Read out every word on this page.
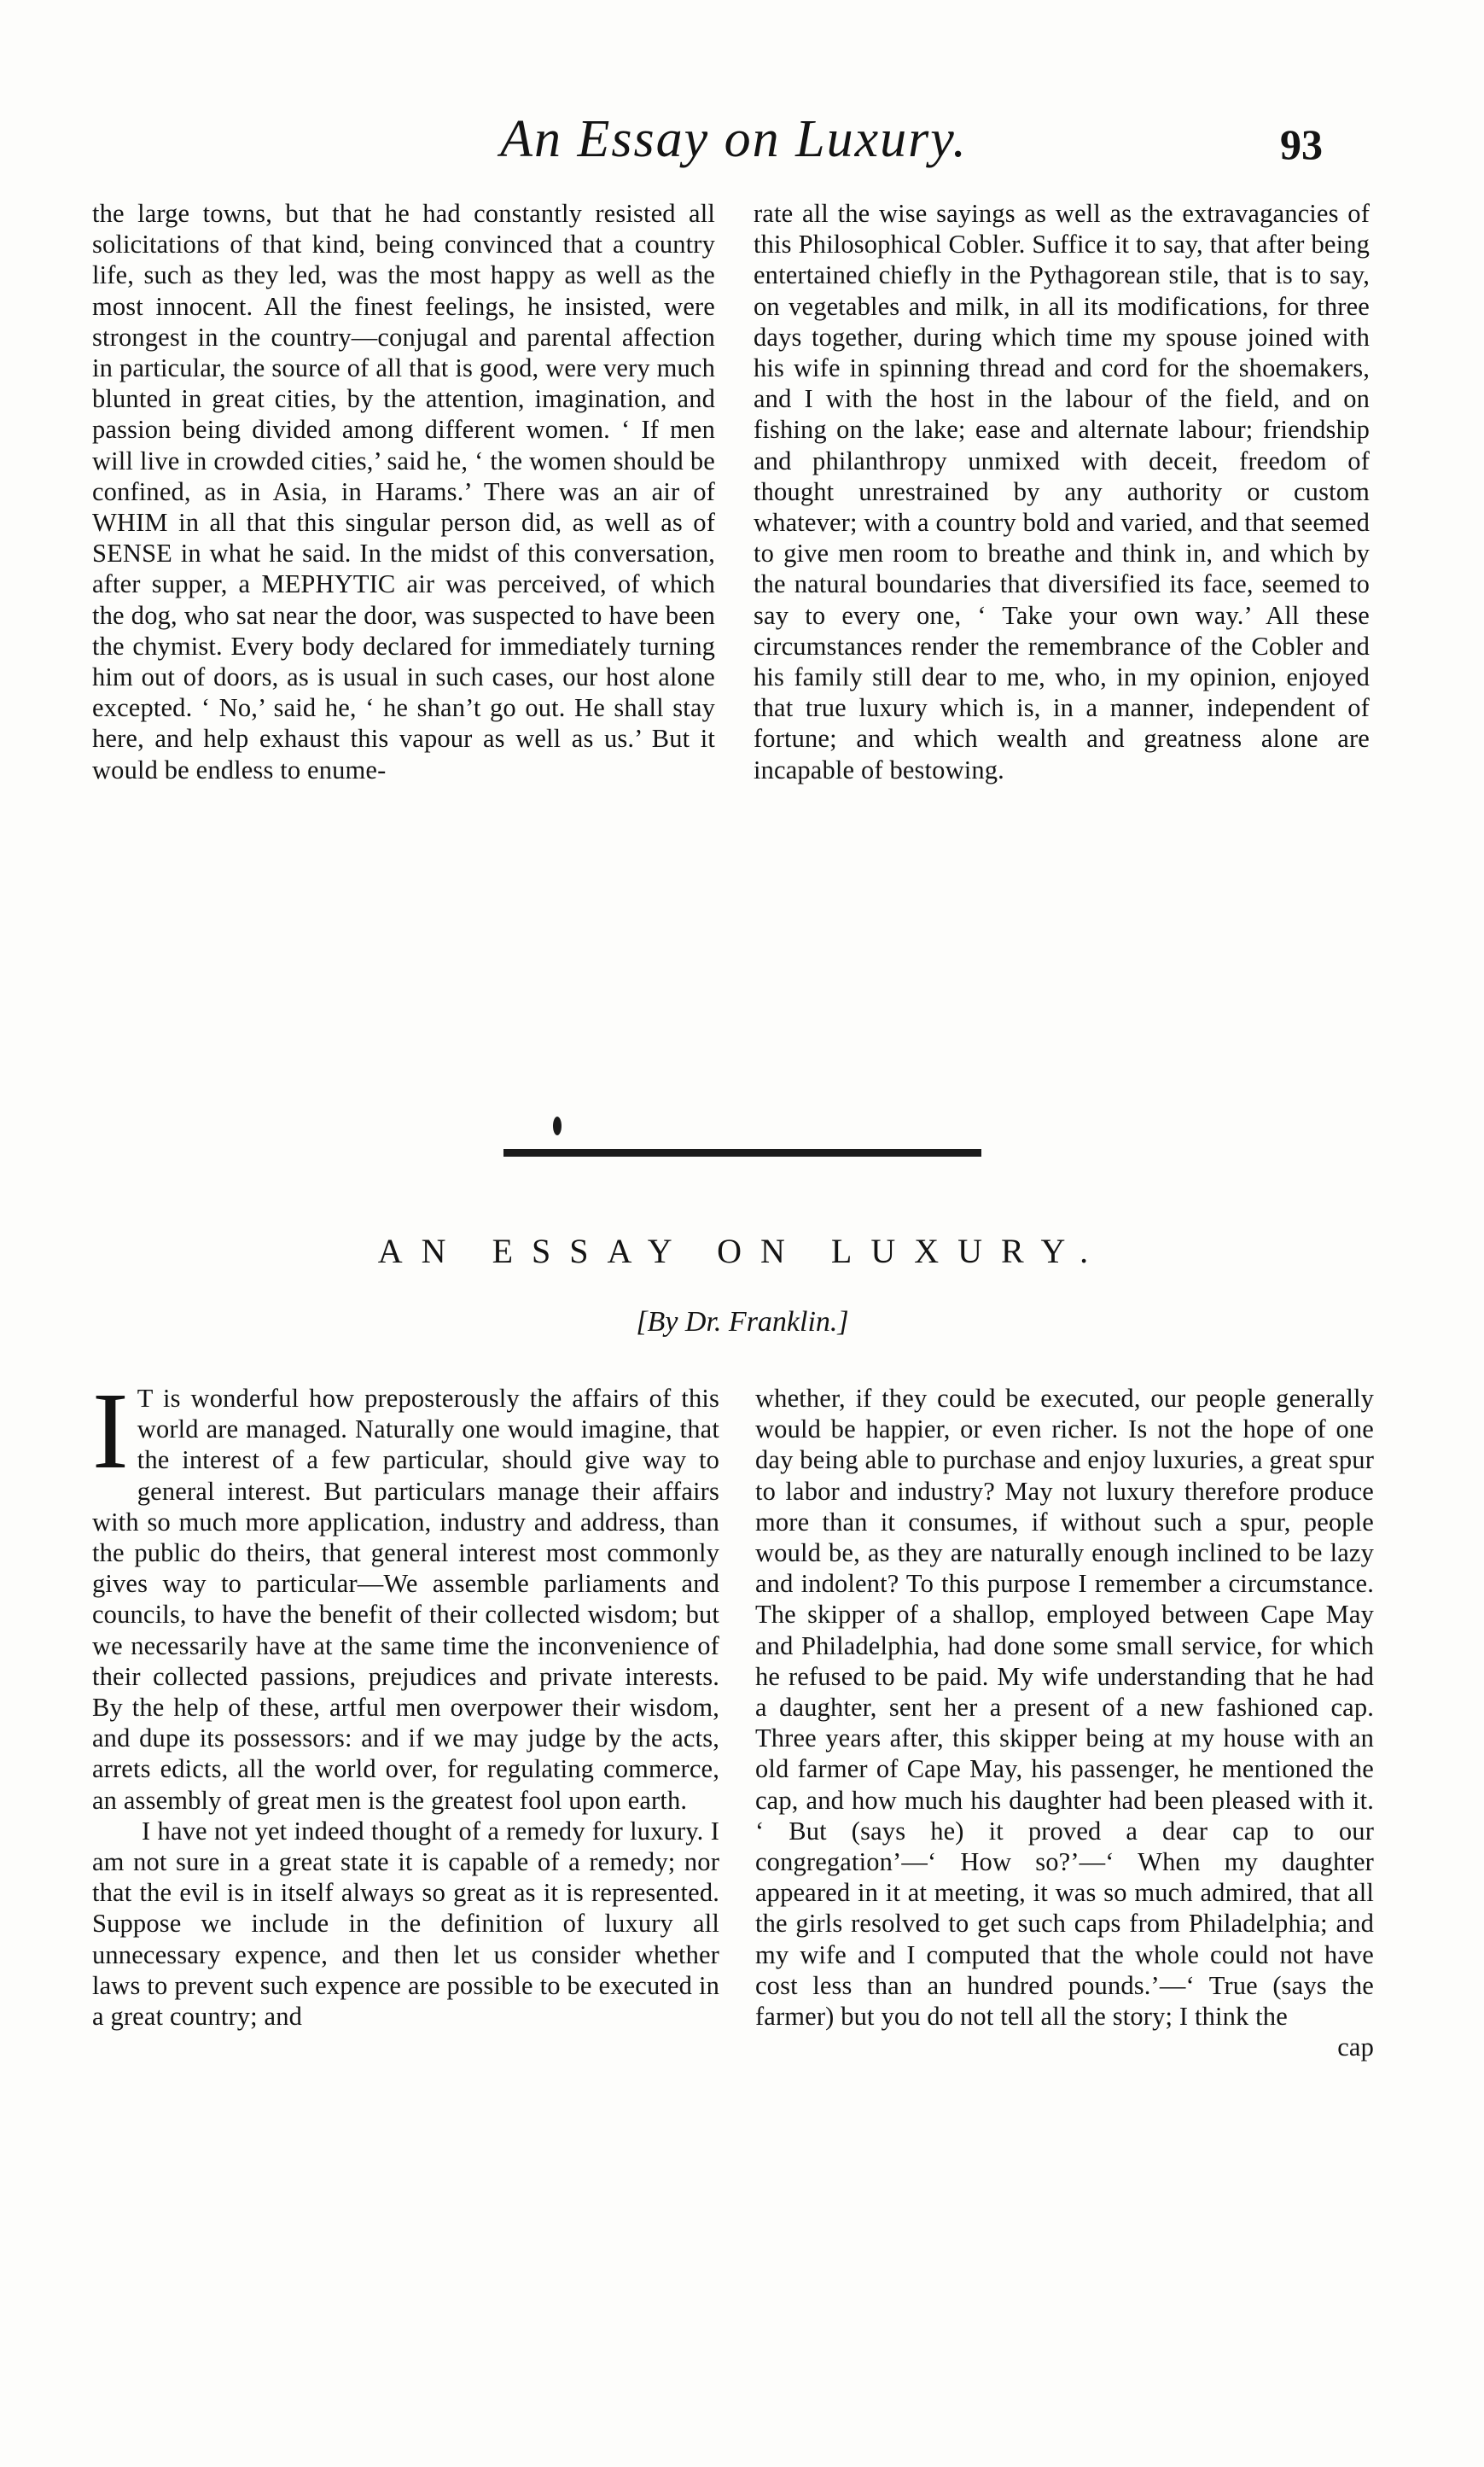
An Essay on Luxury.	93

the large towns, but that he had constantly resisted all solicitations of that kind, being convinced that a country life, such as they led, was the most happy as well as the most innocent. All the finest feelings, he insisted, were strongest in the country—conjugal and parental affection in particular, the source of all that is good, were very much blunted in great cities, by the attention, imagination, and passion being divided among different women. ‘ If men will live in crowded cities,’ said he, ‘ the women should be confined, as in Asia, in Harams.’ There was an air of WHIM in all that this singular person did, as well as of SENSE in what he said. In the midst of this conversation, after supper, a MEPHYTIC air was perceived, of which the dog, who sat near the door, was suspected to have been the chymist. Every body declared for immediately turning him out of doors, as is usual in such cases, our host alone excepted. ‘ No,’ said he, ‘ he shan’t go out. He shall stay here, and help exhaust this vapour as well as us.’ But it would be endless to enume-

rate all the wise sayings as well as the extravagancies of this Philosophical Cobler. Suffice it to say, that after being entertained chiefly in the Pythagorean stile, that is to say, on vegetables and milk, in all its modifications, for three days together, during which time my spouse joined with his wife in spinning thread and cord for the shoemakers, and I with the host in the labour of the field, and on fishing on the lake; ease and alternate labour; friendship and philanthropy unmixed with deceit, freedom of thought unrestrained by any authority or custom whatever; with a country bold and varied, and that seemed to give men room to breathe and think in, and which by the natural boundaries that diversified its face, seemed to say to every one, ‘ Take your own way.’ All these circumstances render the remembrance of the Cobler and his family still dear to me, who, in my opinion, enjoyed that true luxury which is, in a manner, independent of fortune; and which wealth and greatness alone are incapable of bestowing.

AN ESSAY ON LUXURY.
[By Dr. Franklin.]

I T is wonderful how preposterously the affairs of this world are managed. Naturally one would imagine, that the interest of a few particular, should give way to general interest. But particulars manage their affairs with so much more application, industry and address, than the public do theirs, that general interest most commonly gives way to particular—We assemble parliaments and councils, to have the benefit of their collected wisdom; but we necessarily have at the same time the inconvenience of their collected passions, prejudices and private interests. By the help of these, artful men overpower their wisdom, and dupe its possessors: and if we may judge by the acts, arrets edicts, all the world over, for regulating commerce, an assembly of great men is the greatest fool upon earth.

I have not yet indeed thought of a remedy for luxury. I am not sure in a great state it is capable of a remedy; nor that the evil is in itself always so great as it is represented. Suppose we include in the definition of luxury all unnecessary expence, and then let us consider whether laws to prevent such expence are possible to be executed in a great country; and

whether, if they could be executed, our people generally would be happier, or even richer. Is not the hope of one day being able to purchase and enjoy luxuries, a great spur to labor and industry? May not luxury therefore produce more than it consumes, if without such a spur, people would be, as they are naturally enough inclined to be lazy and indolent? To this purpose I remember a circumstance. The skipper of a shallop, employed between Cape May and Philadelphia, had done some small service, for which he refused to be paid. My wife understanding that he had a daughter, sent her a present of a new fashioned cap. Three years after, this skipper being at my house with an old farmer of Cape May, his passenger, he mentioned the cap, and how much his daughter had been pleased with it. ‘ But (says he) it proved a dear cap to our congregation’—‘ How so?’—‘ When my daughter appeared in it at meeting, it was so much admired, that all the girls resolved to get such caps from Philadelphia; and my wife and I computed that the whole could not have cost less than an hundred pounds.’—‘ True (says the farmer) but you do not tell all the story; I think the

cap
